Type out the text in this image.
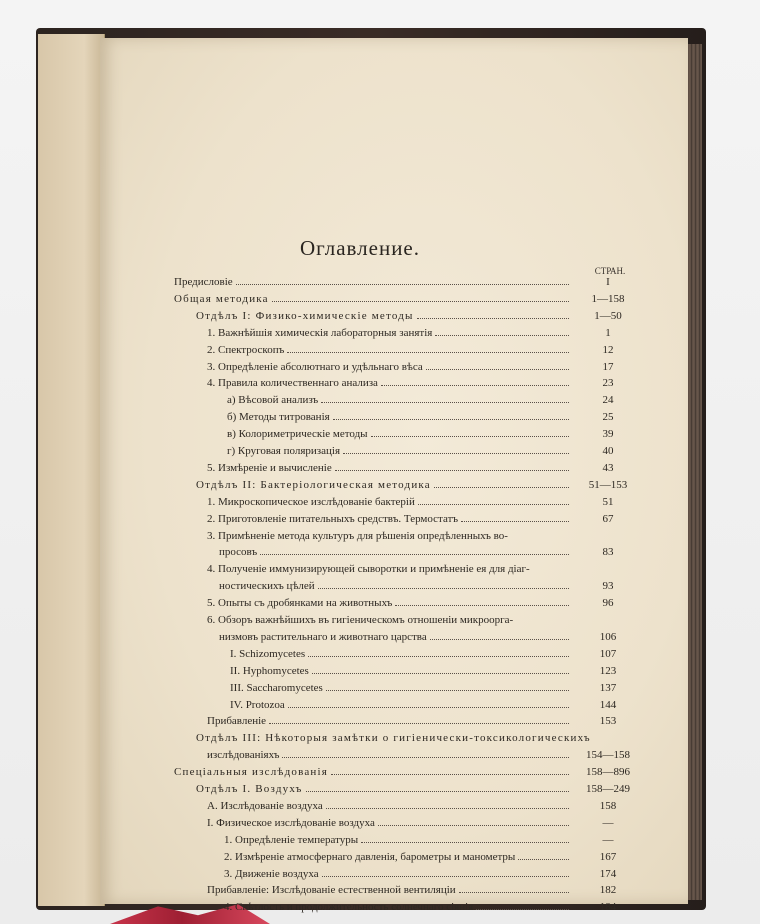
Оглавление.
СТРАН.
Предисловіе	I
Общая методика	1—158
Отдѣлъ I: Физико-химическіе методы	1—50
1. Важнѣйшія химическія лабораторныя занятія	1
2. Спектроскопъ	12
3. Опредѣленіе абсолютнаго и удѣльнаго вѣса	17
4. Правила количественнаго анализа	23
а) Вѣсовой анализъ	24
б) Методы титрованія	25
в) Колориметрическіе методы	39
г) Круговая поляризація	40
5. Измѣреніе и вычисленіе	43
Отдѣлъ II: Бактеріологическая методика	51—153
1. Микроскопическое изслѣдованіе бактерій	51
2. Приготовленіе питательныхъ средствъ. Термостатъ	67
3. Примѣненіе метода культуръ для рѣшенія опредѣленныхъ во-
просовъ	83
4. Полученіе иммунизирующей сыворотки и примѣненіе ея для діаг-
ностическихъ цѣлей	93
5. Опыты съ дробянками на животныхъ	96
6. Обзоръ важнѣйшихъ въ гигіеническомъ отношеніи микроорга-
низмовъ растительнаго и животнаго царства	106
I. Schizomycetes	107
II. Hyphomycetes	123
III. Saccharomycetes	137
IV. Protozoa	144
Прибавленіе	153
Отдѣлъ III: Нѣкоторыя замѣтки о гигіенически-токсикологическихъ
изслѣдованіяхъ	154—158
Спеціальныя изслѣдованія	158—896
Отдѣлъ I. Воздухъ	158—249
А. Изслѣдованіе воздуха	158
I. Физическое изслѣдованіе воздуха	—
1. Опредѣленіе температуры	—
2. Измѣреніе атмосфернаго давленія, барометры и манометры	167
3. Движеніе воздуха	174
Прибавленіе: Изслѣдованіе естественной вентиляціи	182
4. Свѣтлость и продолжительность солнечнаго сіянія	184
